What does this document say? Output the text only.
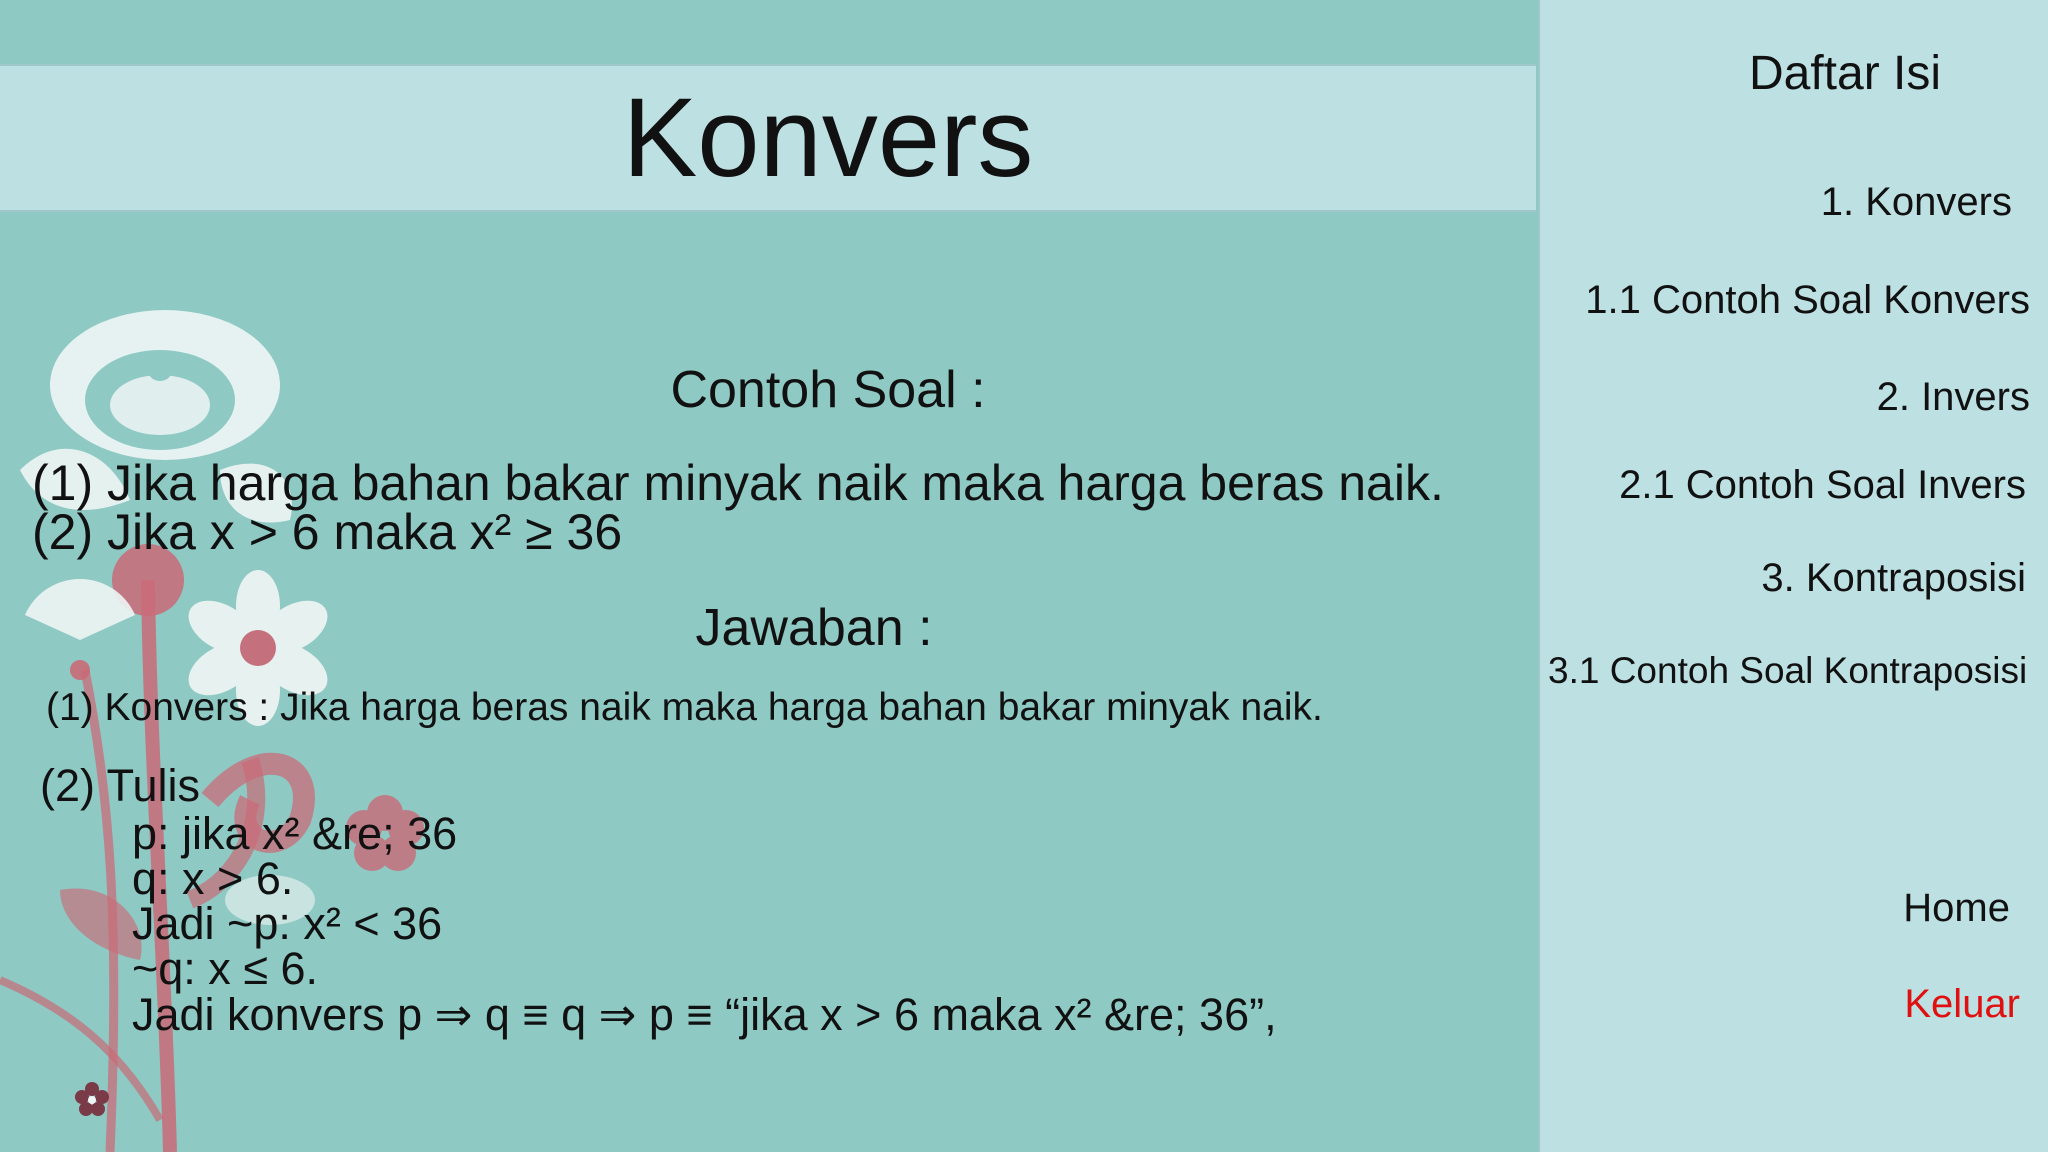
Konvers
Contoh Soal :
(1) Jika harga bahan bakar minyak naik maka harga beras naik.
(2) Jika x > 6 maka x² ≥ 36
Jawaban :
(1) Konvers : Jika harga beras naik maka harga bahan bakar minyak naik.
(2) Tulis
p: jika x² &re; 36
q: x > 6.
Jadi ~p: x² < 36
~q: x ≤ 6.
Jadi konvers p ⇒ q ≡ q ⇒ p ≡ “jika x > 6 maka x² &re; 36”,
Daftar Isi
1. Konvers
1.1 Contoh Soal Konvers
2. Invers
2.1 Contoh Soal Invers
3. Kontraposisi
3.1 Contoh Soal Kontraposisi
Home
Keluar
